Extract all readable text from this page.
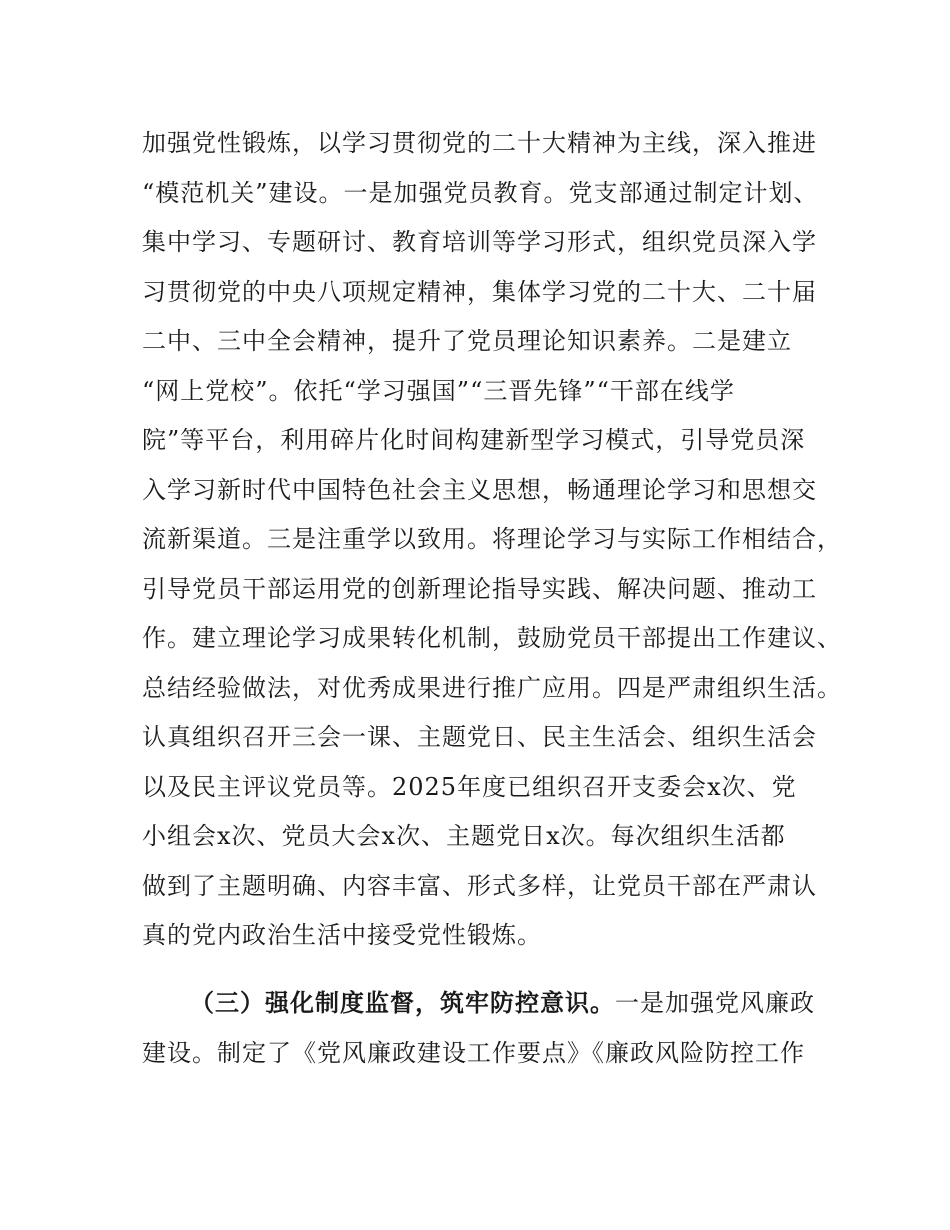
加强党性锻炼，以学习贯彻党的二十大精神为主线，深入推进
“模范机关”建设。一是加强党员教育。党支部通过制定计划、
集中学习、专题研讨、教育培训等学习形式，组织党员深入学
习贯彻党的中央八项规定精神，集体学习党的二十大、二十届
二中、三中全会精神，提升了党员理论知识素养。二是建立
“网上党校”。依托“学习强国”“三晋先锋”“干部在线学
院”等平台，利用碎片化时间构建新型学习模式，引导党员深
入学习新时代中国特色社会主义思想，畅通理论学习和思想交
流新渠道。三是注重学以致用。将理论学习与实际工作相结合，
引导党员干部运用党的创新理论指导实践、解决问题、推动工
作。建立理论学习成果转化机制，鼓励党员干部提出工作建议、
总结经验做法，对优秀成果进行推广应用。四是严肃组织生活。
认真组织召开三会一课、主题党日、民主生活会、组织生活会
以及民主评议党员等。2025年度已组织召开支委会x次、党
小组会x次、党员大会x次、主题党日x次。每次组织生活都
做到了主题明确、内容丰富、形式多样，让党员干部在严肃认
真的党内政治生活中接受党性锻炼。
（三）强化制度监督，筑牢防控意识。一是加强党风廉政
建设。制定了《党风廉政建设工作要点》《廉政风险防控工作
